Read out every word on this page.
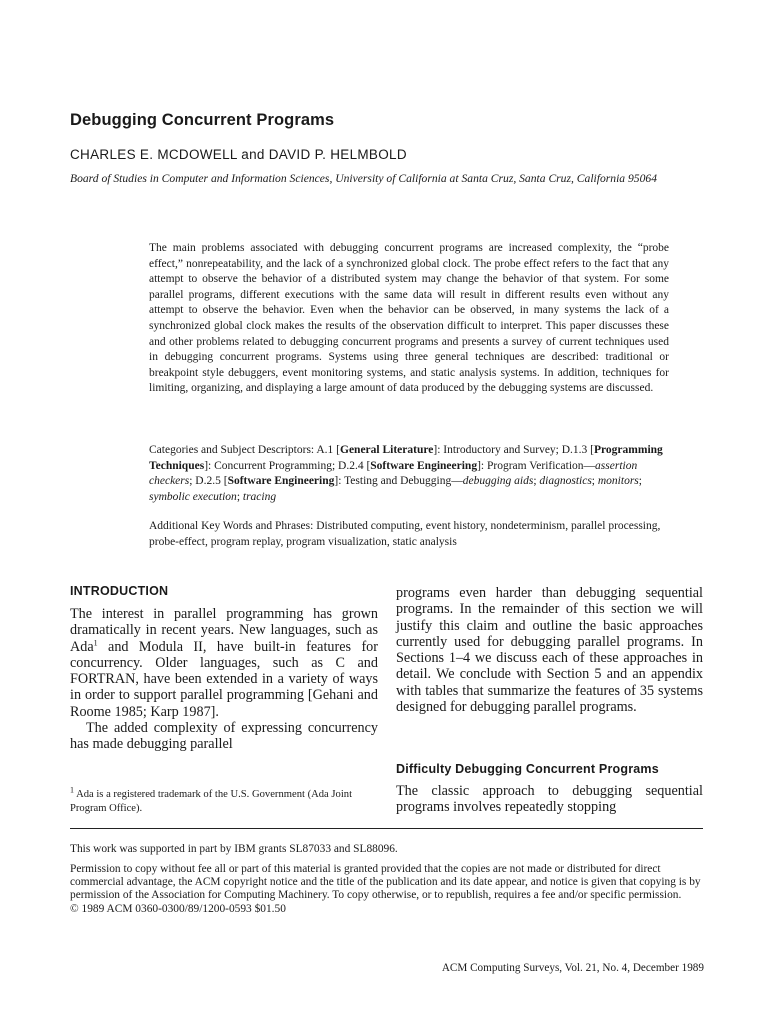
Debugging Concurrent Programs
CHARLES E. MCDOWELL and DAVID P. HELMBOLD
Board of Studies in Computer and Information Sciences, University of California at Santa Cruz, Santa Cruz, California 95064
The main problems associated with debugging concurrent programs are increased complexity, the “probe effect,” nonrepeatability, and the lack of a synchronized global clock. The probe effect refers to the fact that any attempt to observe the behavior of a distributed system may change the behavior of that system. For some parallel programs, different executions with the same data will result in different results even without any attempt to observe the behavior. Even when the behavior can be observed, in many systems the lack of a synchronized global clock makes the results of the observation difficult to interpret. This paper discusses these and other problems related to debugging concurrent programs and presents a survey of current techniques used in debugging concurrent programs. Systems using three general techniques are described: traditional or breakpoint style debuggers, event monitoring systems, and static analysis systems. In addition, techniques for limiting, organizing, and displaying a large amount of data produced by the debugging systems are discussed.
Categories and Subject Descriptors: A.1 [General Literature]: Introductory and Survey; D.1.3 [Programming Techniques]: Concurrent Programming; D.2.4 [Software Engineering]: Program Verification—assertion checkers; D.2.5 [Software Engineering]: Testing and Debugging—debugging aids; diagnostics; monitors; symbolic execution; tracing
Additional Key Words and Phrases: Distributed computing, event history, nondeterminism, parallel processing, probe-effect, program replay, program visualization, static analysis
INTRODUCTION

The interest in parallel programming has grown dramatically in recent years. New languages, such as Ada$^1$ and Modula II, have built-in features for concurrency. Older languages, such as C and FORTRAN, have been extended in a variety of ways in order to support parallel programming [Gehani and Roome 1985; Karp 1987].

The added complexity of expressing concurrency has made debugging parallel

programs even harder than debugging sequential programs. In the remainder of this section we will justify this claim and outline the basic approaches currently used for debugging parallel programs. In Sections 1–4 we discuss each of these approaches in detail. We conclude with Section 5 and an appendix with tables that summarize the features of 35 systems designed for debugging parallel programs.

Difficulty Debugging Concurrent Programs

The classic approach to debugging sequential programs involves repeatedly stopping

$^1$ Ada is a registered trademark of the U.S. Government (Ada Joint Program Office).
This work was supported in part by IBM grants SL87033 and SL88096.
Permission to copy without fee all or part of this material is granted provided that the copies are not made or distributed for direct commercial advantage, the ACM copyright notice and the title of the publication and its date appear, and notice is given that copying is by permission of the Association for Computing Machinery. To copy otherwise, or to republish, requires a fee and/or specific permission.
© 1989 ACM 0360-0300/89/1200-0593 $01.50
ACM Computing Surveys, Vol. 21, No. 4, December 1989
